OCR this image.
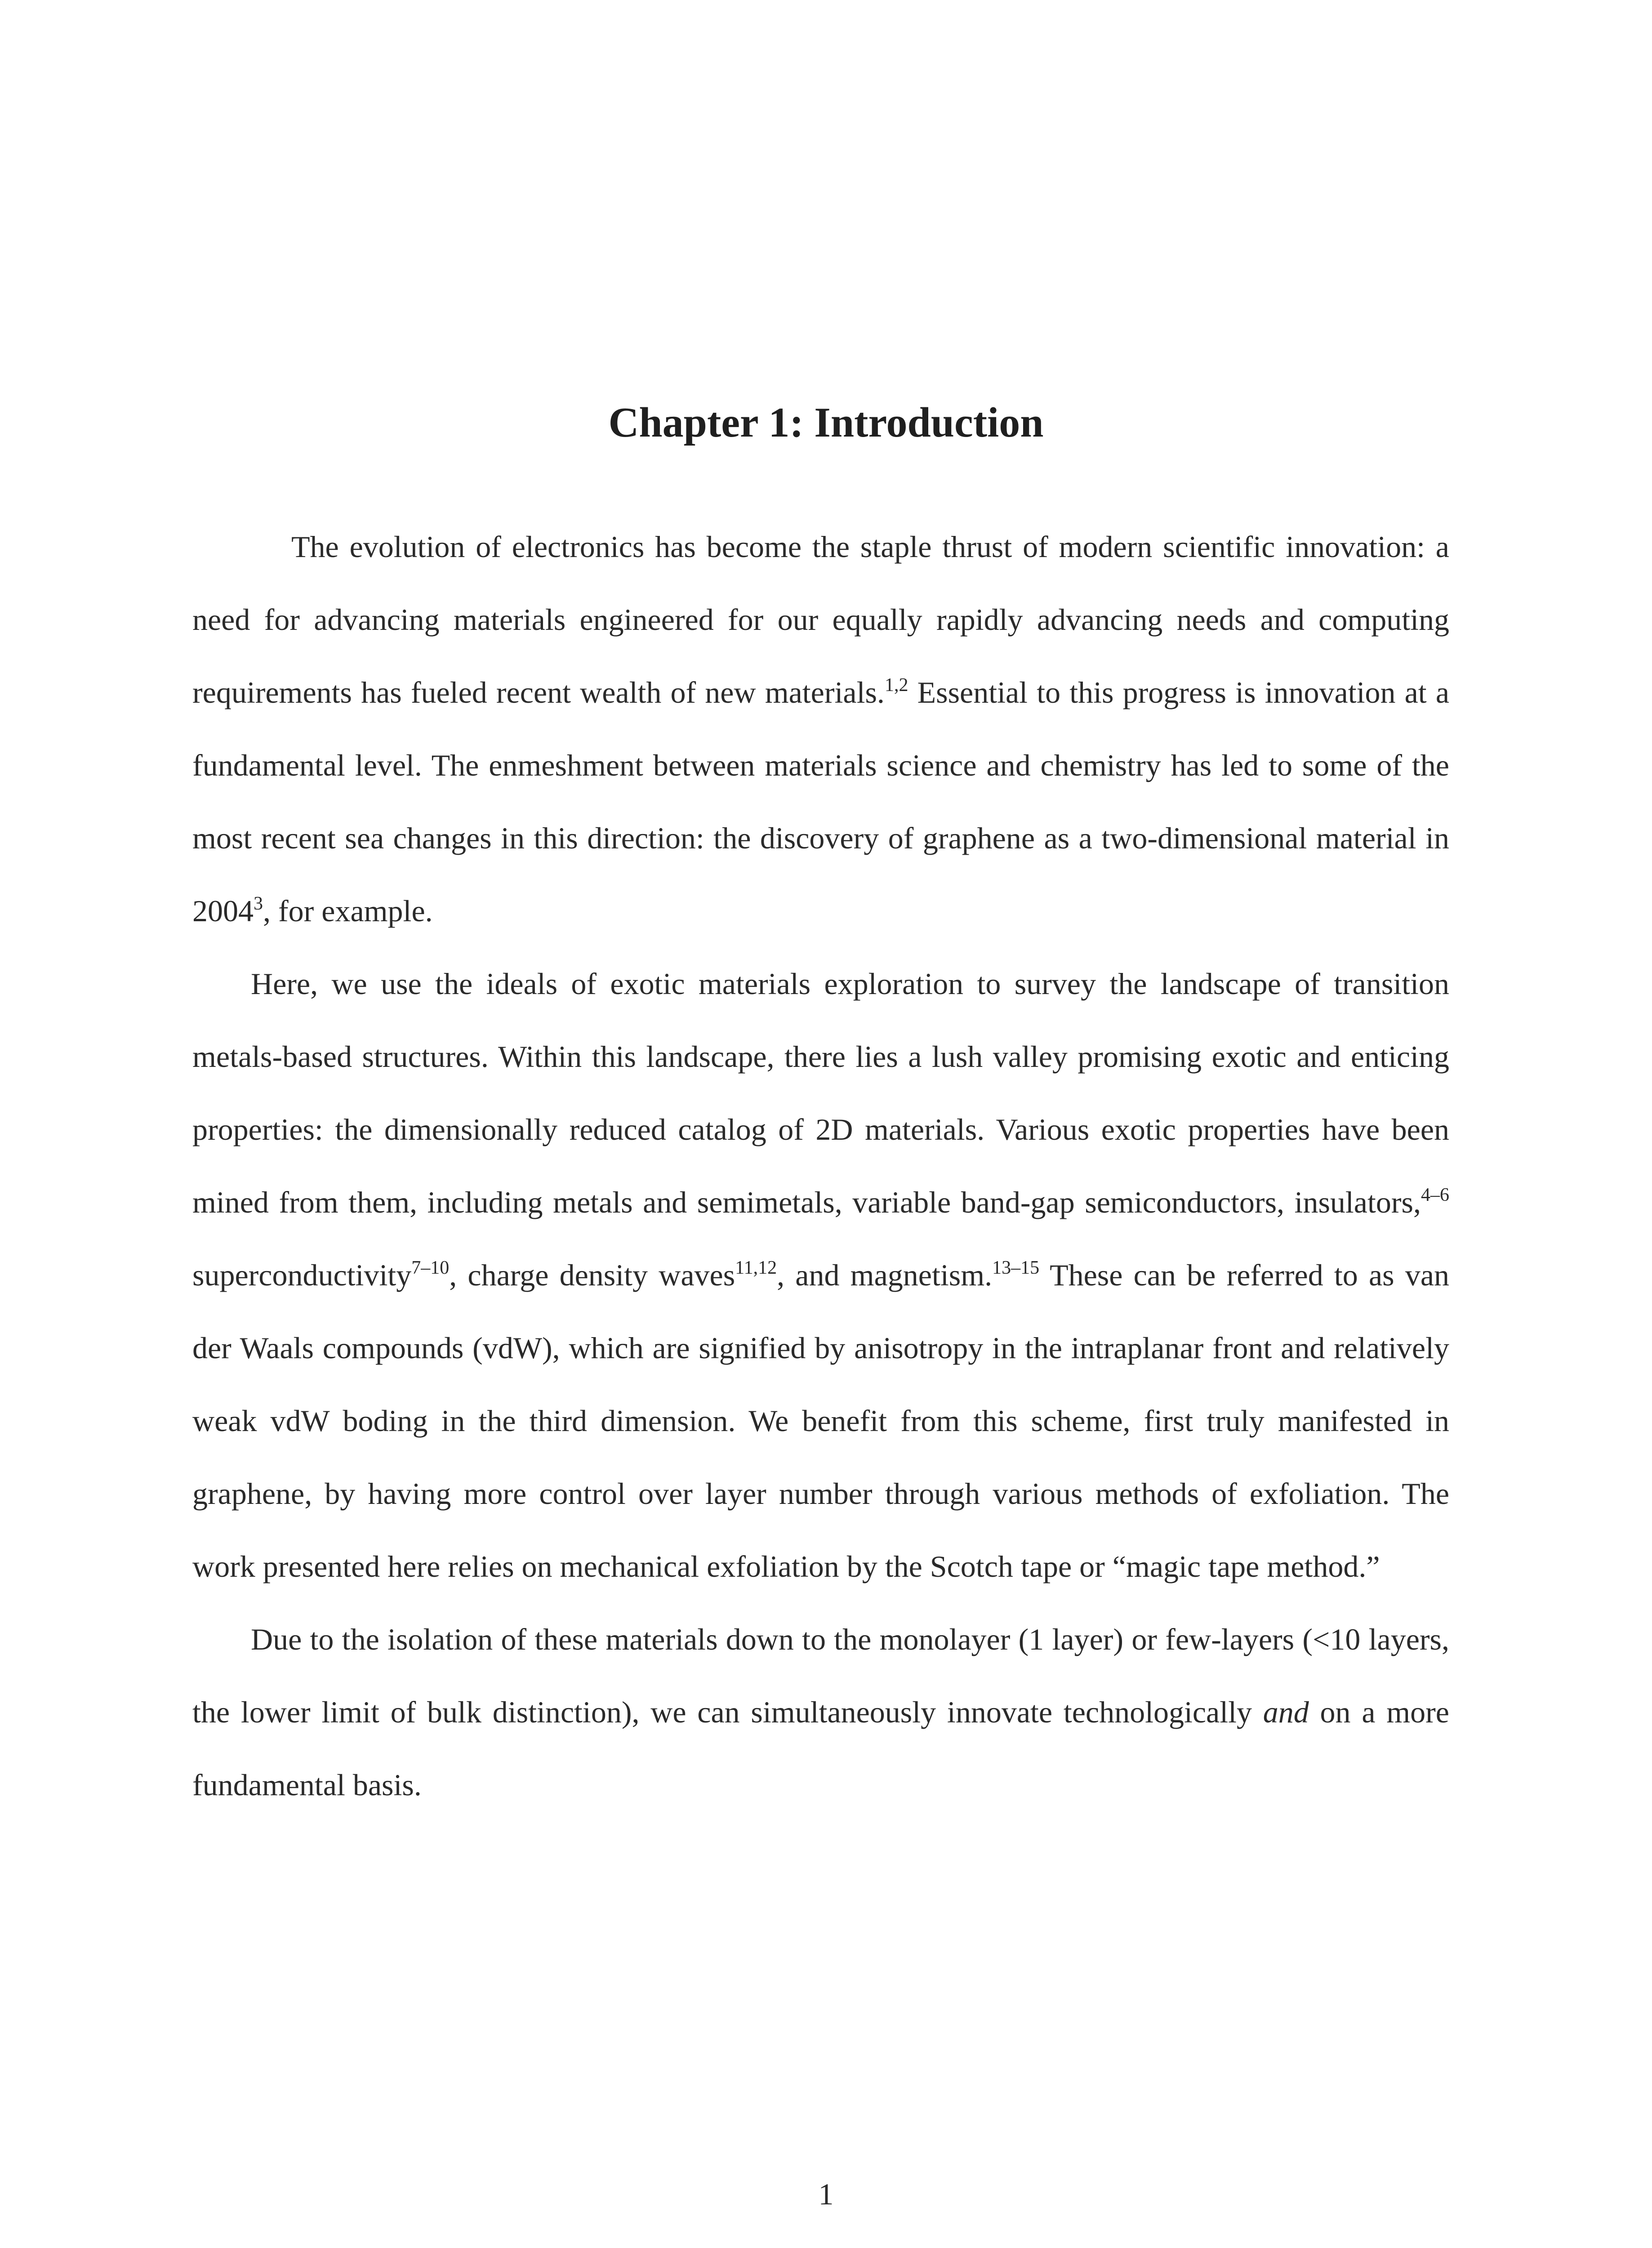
Chapter 1: Introduction

The evolution of electronics has become the staple thrust of modern scientific innovation: a need for advancing materials engineered for our equally rapidly advancing needs and computing requirements has fueled recent wealth of new materials.$^{1,2}$ Essential to this progress is innovation at a fundamental level. The enmeshment between materials science and chemistry has led to some of the most recent sea changes in this direction: the discovery of graphene as a two-dimensional material in 2004$^3$, for example.

Here, we use the ideals of exotic materials exploration to survey the landscape of transition metals-based structures. Within this landscape, there lies a lush valley promising exotic and enticing properties: the dimensionally reduced catalog of 2D materials. Various exotic properties have been mined from them, including metals and semimetals, variable band-gap semiconductors, insulators,$^{4-6}$ superconductivity$^{7-10}$, charge density waves$^{11,12}$, and magnetism.$^{13-15}$ These can be referred to as van der Waals compounds (vdW), which are signified by anisotropy in the intraplanar front and relatively weak vdW boding in the third dimension. We benefit from this scheme, first truly manifested in graphene, by having more control over layer number through various methods of exfoliation. The work presented here relies on mechanical exfoliation by the Scotch tape or “magic tape method.”

Due to the isolation of these materials down to the monolayer (1 layer) or few-layers (<10 layers, the lower limit of bulk distinction), we can simultaneously innovate technologically and on a more fundamental basis.

1
